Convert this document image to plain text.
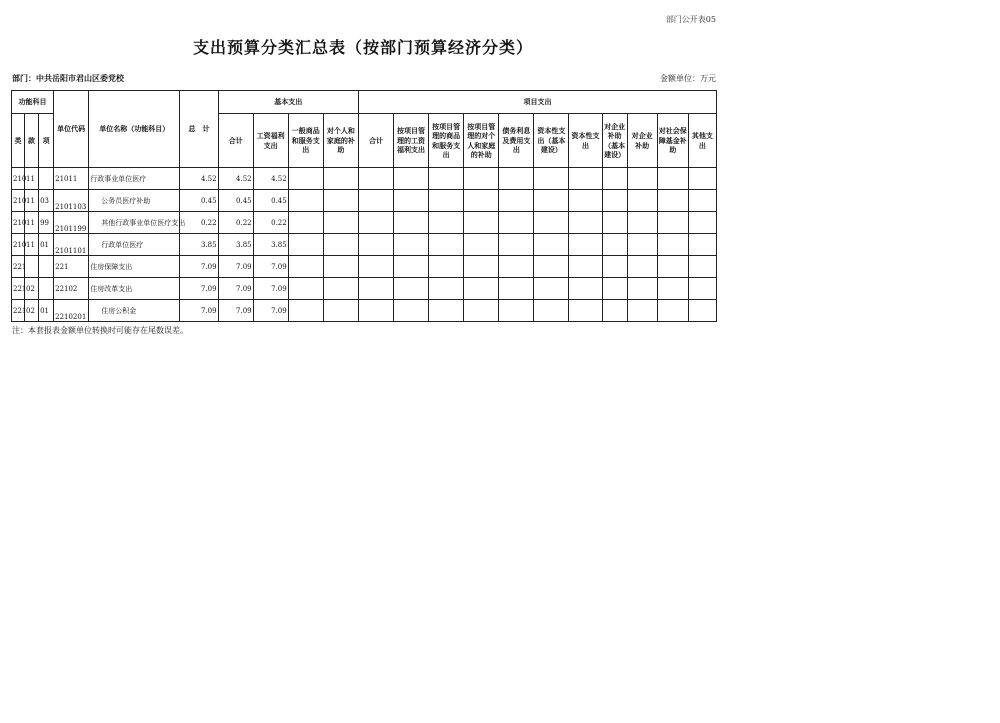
部门公开表05
支出预算分类汇总表（按部门预算经济分类）
部门：中共岳阳市君山区委党校	金额单位：万元
功能科目			单位代码	单位名称（功能科目）	总　计	基本支出				项目支出										
类	款	项				合计	工资福利支出	一般商品和服务支出	对个人和家庭的补助	合计	按项目管理的工资福利支出	按项目管理的商品和服务支出	按项目管理的对个人和家庭的补助	债务利息及费用支出	资本性支出（基本建设）	资本性支出	对企业补助（基本建设）	对企业补助	对社会保障基金补助	其他支出
210	11		21011	行政事业单位医疗	4.52	4.52	4.52													
210	11	03	2101103	公务员医疗补助	0.45	0.45	0.45													
210	11	99	2101199	其他行政事业单位医疗支出	0.22	0.22	0.22													
210	11	01	2101101	行政单位医疗	3.85	3.85	3.85													
221			221	住房保障支出	7.09	7.09	7.09													
221	02		22102	住房改革支出	7.09	7.09	7.09													
221	02	01	2210201	住房公积金	7.09	7.09	7.09													
注：本套报表金额单位转换时可能存在尾数误差。
